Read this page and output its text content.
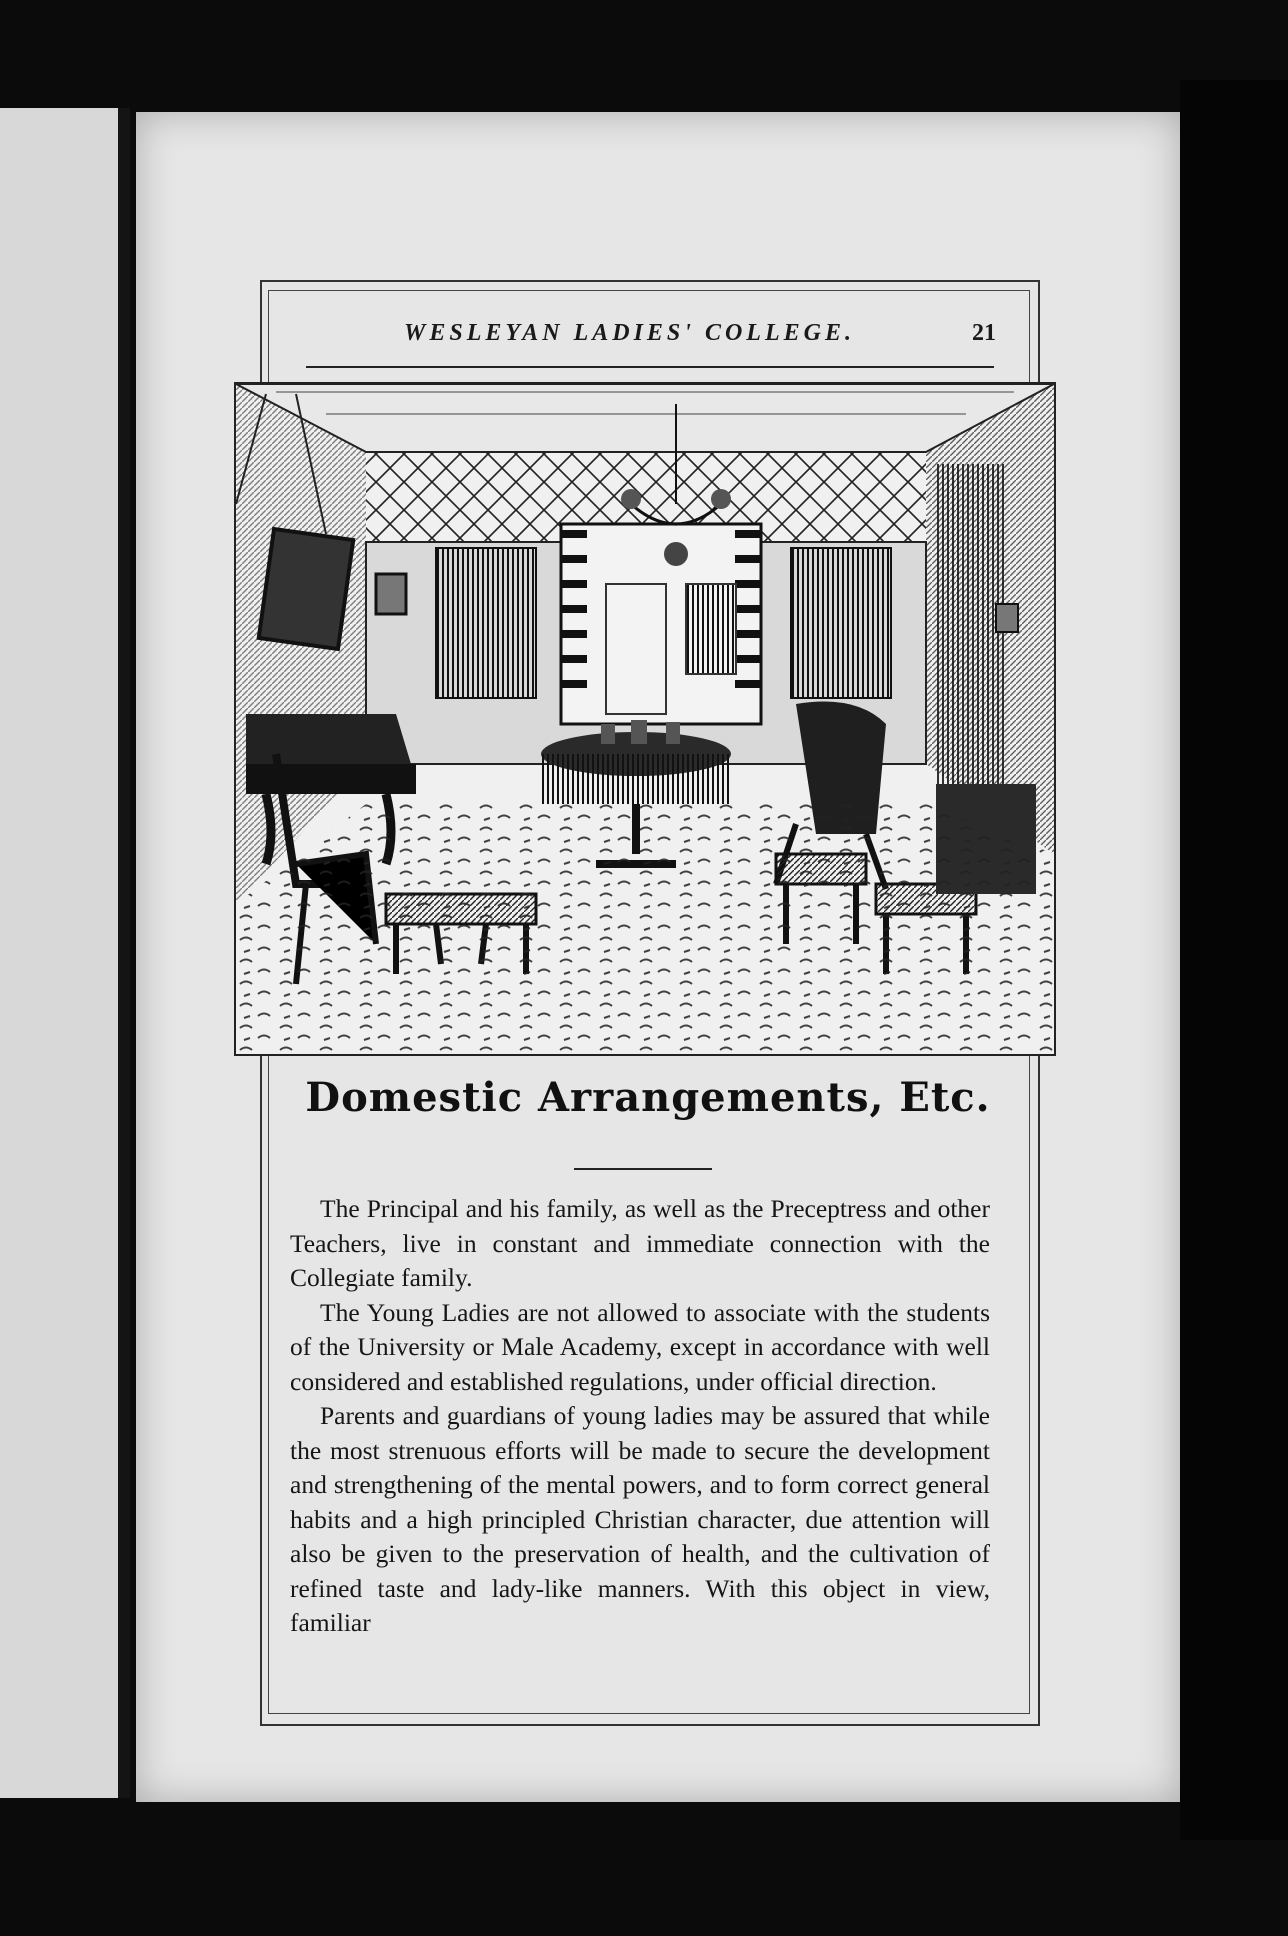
WESLEYAN LADIES' COLLEGE.	21
Domestic Arrangements, Etc.

The Principal and his family, as well as the Preceptress and other Teachers, live in constant and immediate connection with the Collegiate family.

The Young Ladies are not allowed to associate with the students of the University or Male Academy, except in accordance with well considered and established regulations, under official direction.

Parents and guardians of young ladies may be assured that while the most strenuous efforts will be made to secure the development and strengthening of the mental powers, and to form correct general habits and a high principled Christian character, due attention will also be given to the preservation of health, and the cultivation of refined taste and lady-like manners. With this object in view, familiar
